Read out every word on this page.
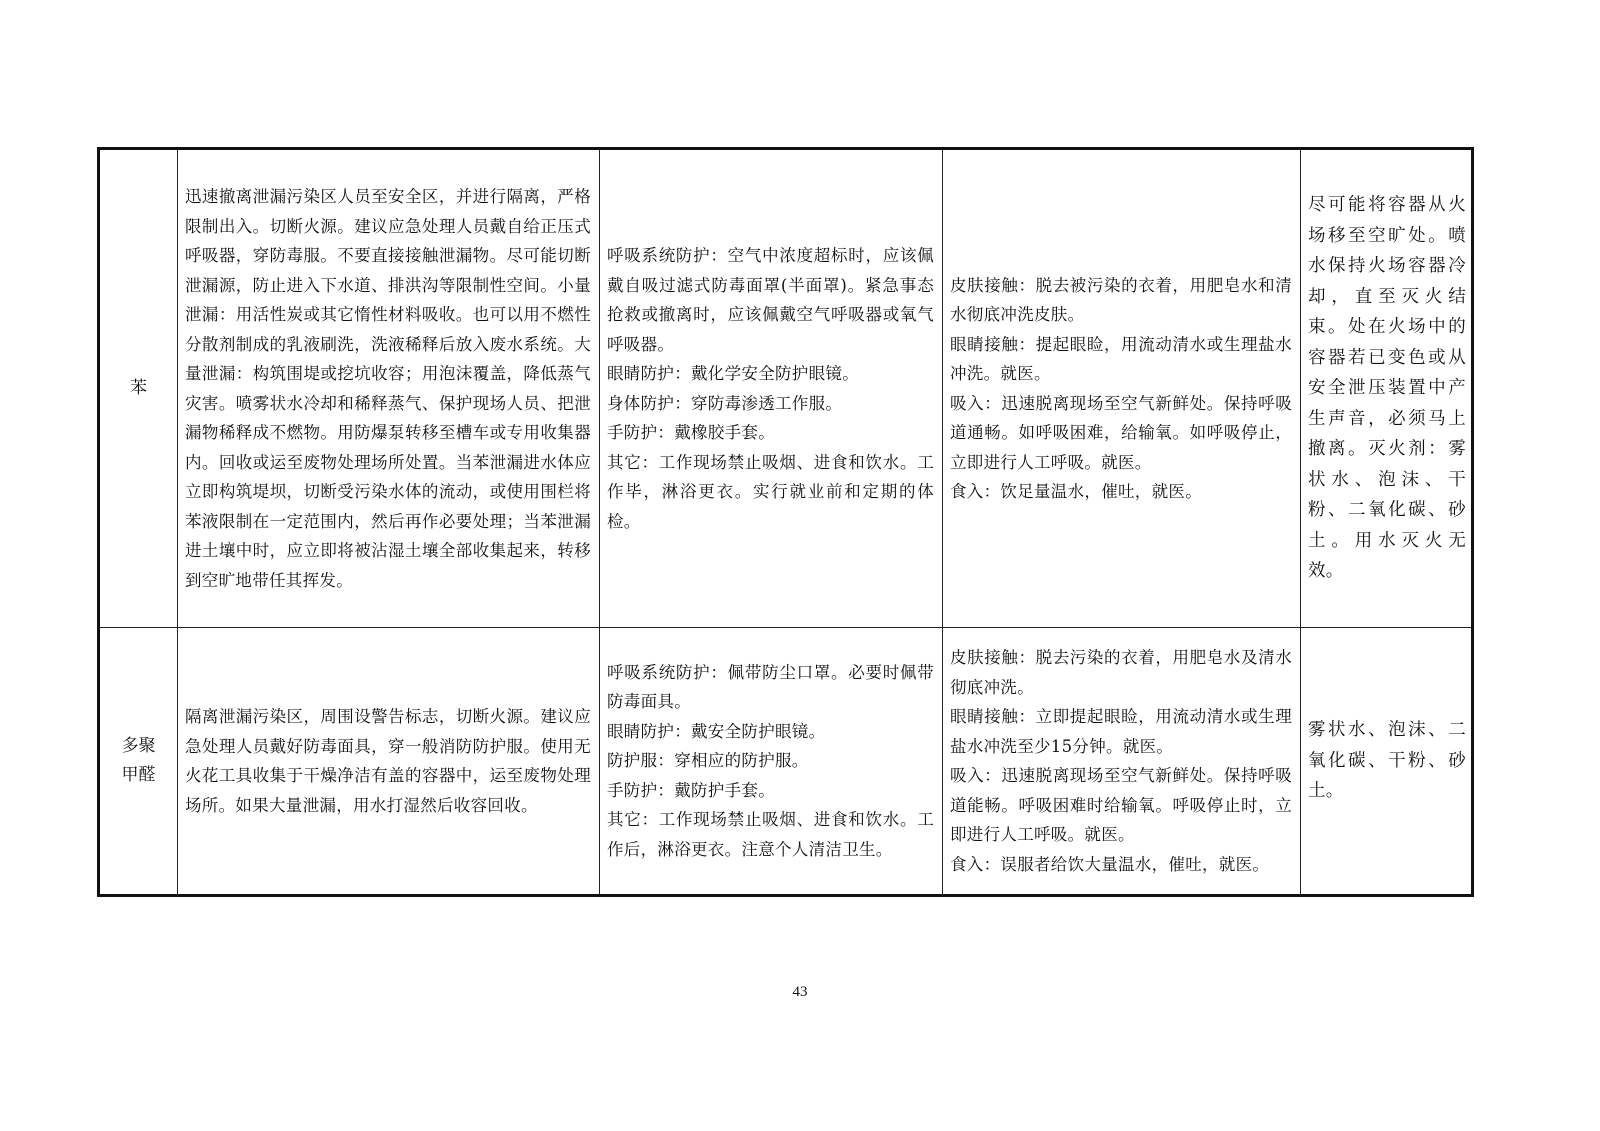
苯
迅速撤离泄漏污染区人员至安全区，并进行隔离，严格限制出入。切断火源。建议应急处理人员戴自给正压式呼吸器，穿防毒服。不要直接接触泄漏物。尽可能切断泄漏源，防止进入下水道、排洪沟等限制性空间。小量泄漏：用活性炭或其它惰性材料吸收。也可以用不燃性分散剂制成的乳液刷洗，洗液稀释后放入废水系统。大量泄漏：构筑围堤或挖坑收容；用泡沫覆盖，降低蒸气灾害。喷雾状水冷却和稀释蒸气、保护现场人员、把泄漏物稀释成不燃物。用防爆泵转移至槽车或专用收集器内。回收或运至废物处理场所处置。当苯泄漏进水体应立即构筑堤坝，切断受污染水体的流动，或使用围栏将苯液限制在一定范围内，然后再作必要处理；当苯泄漏进土壤中时，应立即将被沾湿土壤全部收集起来，转移到空旷地带任其挥发。

呼吸系统防护：空气中浓度超标时，应该佩戴自吸过滤式防毒面罩(半面罩)。紧急事态抢救或撤离时，应该佩戴空气呼吸器或氧气呼吸器。

眼睛防护：戴化学安全防护眼镜。

身体防护：穿防毒渗透工作服。

手防护：戴橡胶手套。

其它：工作现场禁止吸烟、进食和饮水。工作毕，淋浴更衣。实行就业前和定期的体检。

皮肤接触：脱去被污染的衣着，用肥皂水和清水彻底冲洗皮肤。

眼睛接触：提起眼睑，用流动清水或生理盐水冲洗。就医。

吸入：迅速脱离现场至空气新鲜处。保持呼吸道通畅。如呼吸困难，给输氧。如呼吸停止，立即进行人工呼吸。就医。

食入：饮足量温水，催吐，就医。

尽可能将容器从火场移至空旷处。喷水保持火场容器冷却，直至灭火结束。处在火场中的容器若已变色或从安全泄压装置中产生声音，必须马上撤离。灭火剂：雾状水、泡沫、干粉、二氧化碳、砂土。用水灭火无效。
多聚甲醛
隔离泄漏污染区，周围设警告标志，切断火源。建议应急处理人员戴好防毒面具，穿一般消防防护服。使用无火花工具收集于干燥净洁有盖的容器中，运至废物处理场所。如果大量泄漏，用水打湿然后收容回收。

呼吸系统防护：佩带防尘口罩。必要时佩带防毒面具。

眼睛防护：戴安全防护眼镜。

防护服：穿相应的防护服。

手防护：戴防护手套。

其它：工作现场禁止吸烟、进食和饮水。工作后，淋浴更衣。注意个人清洁卫生。

皮肤接触：脱去污染的衣着，用肥皂水及清水彻底冲洗。

眼睛接触：立即提起眼睑，用流动清水或生理盐水冲洗至少15分钟。就医。

吸入：迅速脱离现场至空气新鲜处。保持呼吸道能畅。呼吸困难时给输氧。呼吸停止时，立即进行人工呼吸。就医。

食入：误服者给饮大量温水，催吐，就医。

雾状水、泡沫、二氧化碳、干粉、砂土。
43
